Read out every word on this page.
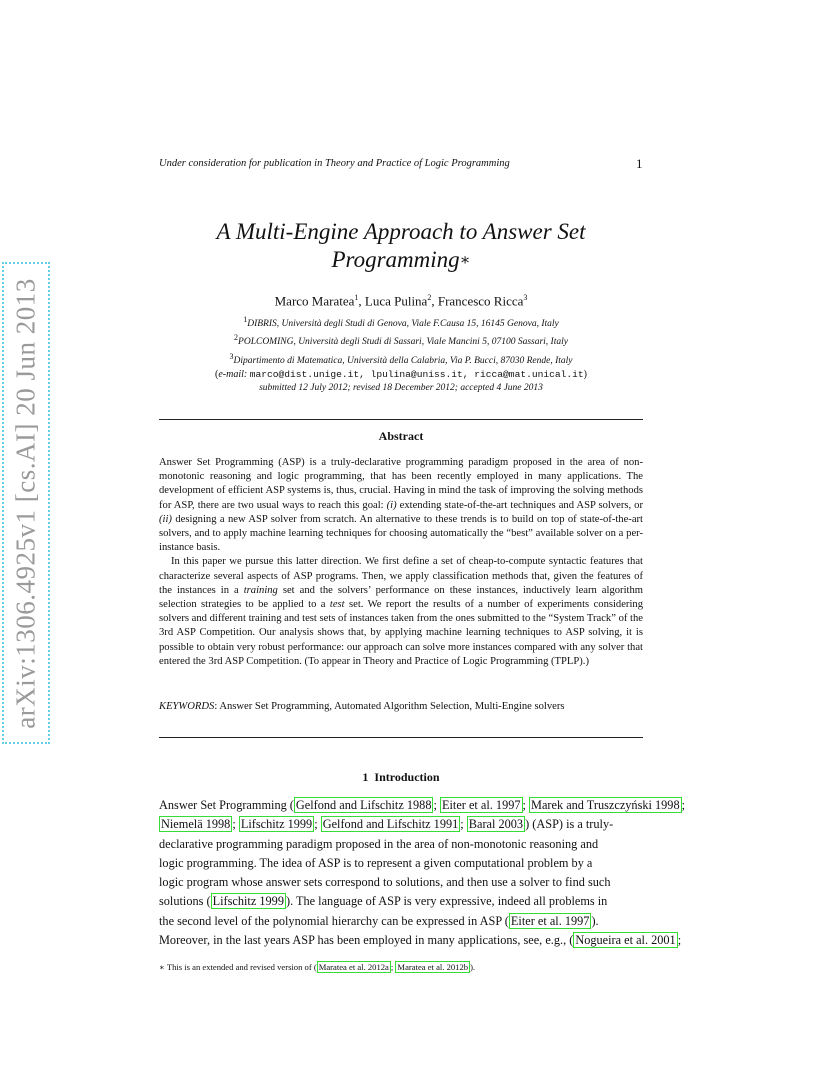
arXiv:1306.4925v1 [cs.AI] 20 Jun 2013
Under consideration for publication in Theory and Practice of Logic Programming	1
A Multi-Engine Approach to Answer Set
Programming∗
Marco Maratea$^1$, Luca Pulina$^2$, Francesco Ricca$^3$
$^1$DIBRIS, Università degli Studi di Genova, Viale F.Causa 15, 16145 Genova, Italy
$^2$POLCOMING, Università degli Studi di Sassari, Viale Mancini 5, 07100 Sassari, Italy
$^3$Dipartimento di Matematica, Università della Calabria, Via P. Bucci, 87030 Rende, Italy
(e-mail: marco@dist.unige.it, lpulina@uniss.it, ricca@mat.unical.it)
submitted 12 July 2012; revised 18 December 2012; accepted 4 June 2013
Abstract

Answer Set Programming (ASP) is a truly-declarative programming paradigm proposed in the area of non-monotonic reasoning and logic programming, that has been recently employed in many applications. The development of efficient ASP systems is, thus, crucial. Having in mind the task of improving the solving methods for ASP, there are two usual ways to reach this goal: (i) extending state-of-the-art techniques and ASP solvers, or (ii) designing a new ASP solver from scratch. An alternative to these trends is to build on top of state-of-the-art solvers, and to apply machine learning techniques for choosing automatically the “best” available solver on a per-instance basis.

In this paper we pursue this latter direction. We first define a set of cheap-to-compute syntactic features that characterize several aspects of ASP programs. Then, we apply classification methods that, given the features of the instances in a training set and the solvers’ performance on these instances, inductively learn algorithm selection strategies to be applied to a test set. We report the results of a number of experiments considering solvers and different training and test sets of instances taken from the ones submitted to the “System Track” of the 3rd ASP Competition. Our analysis shows that, by applying machine learning techniques to ASP solving, it is possible to obtain very robust performance: our approach can solve more instances compared with any solver that entered the 3rd ASP Competition. (To appear in Theory and Practice of Logic Programming (TPLP).)

KEYWORDS: Answer Set Programming, Automated Algorithm Selection, Multi-Engine solvers
1 Introduction
Answer Set Programming ( Gelfond and Lifschitz 1988 ; Eiter et al. 1997 ; Marek and Truszczyński 1998 ;
Niemelä 1998 ; Lifschitz 1999 ; Gelfond and Lifschitz 1991 ; Baral 2003 ) (ASP) is a truly-
declarative programming paradigm proposed in the area of non-monotonic reasoning and
logic programming. The idea of ASP is to represent a given computational problem by a
logic program whose answer sets correspond to solutions, and then use a solver to find such
solutions ( Lifschitz 1999 ). The language of ASP is very expressive, indeed all problems in
the second level of the polynomial hierarchy can be expressed in ASP ( Eiter et al. 1997 ).
Moreover, in the last years ASP has been employed in many applications, see, e.g., ( Nogueira et al. 2001 ;
∗ This is an extended and revised version of ( Maratea et al. 2012a ; Maratea et al. 2012b ).
